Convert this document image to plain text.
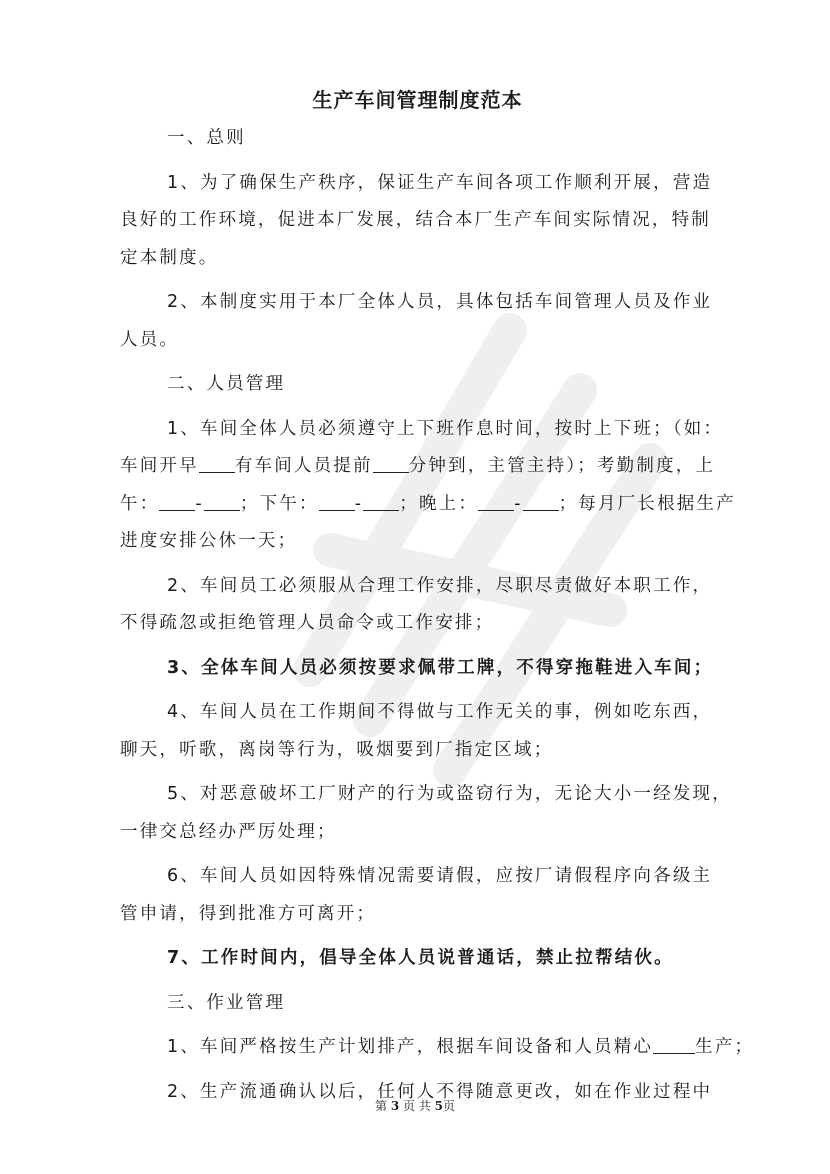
生产车间管理制度范本

一、总则

1、为了确保生产秩序，保证生产车间各项工作顺利开展，营造

良好的工作环境，促进本厂发展，结合本厂生产车间实际情况，特制

定本制度。

2、本制度实用于本厂全体人员，具体包括车间管理人员及作业

人员。

二、人员管理

1、车间全体人员必须遵守上下班作息时间，按时上下班；（如：

车间开早 有车间人员提前 分钟到，主管主持）；考勤制度，上

午： - ；下午： - ；晚上： - ；每月厂长根据生产

进度安排公休一天；

2、车间员工必须服从合理工作安排，尽职尽责做好本职工作，

不得疏忽或拒绝管理人员命令或工作安排；

3、全体车间人员必须按要求佩带工牌，不得穿拖鞋进入车间；

4、车间人员在工作期间不得做与工作无关的事，例如吃东西，

聊天，听歌，离岗等行为，吸烟要到厂指定区域；

5、对恶意破坏工厂财产的行为或盗窃行为，无论大小一经发现，

一律交总经办严厉处理；

6、车间人员如因特殊情况需要请假，应按厂请假程序向各级主

管申请，得到批准方可离开；

7、工作时间内，倡导全体人员说普通话，禁止拉帮结伙。

三、作业管理

1、车间严格按生产计划排产，根据车间设备和人员精心 生产；

2、生产流通确认以后，任何人不得随意更改，如在作业过程中

第 3 页 共 5页
